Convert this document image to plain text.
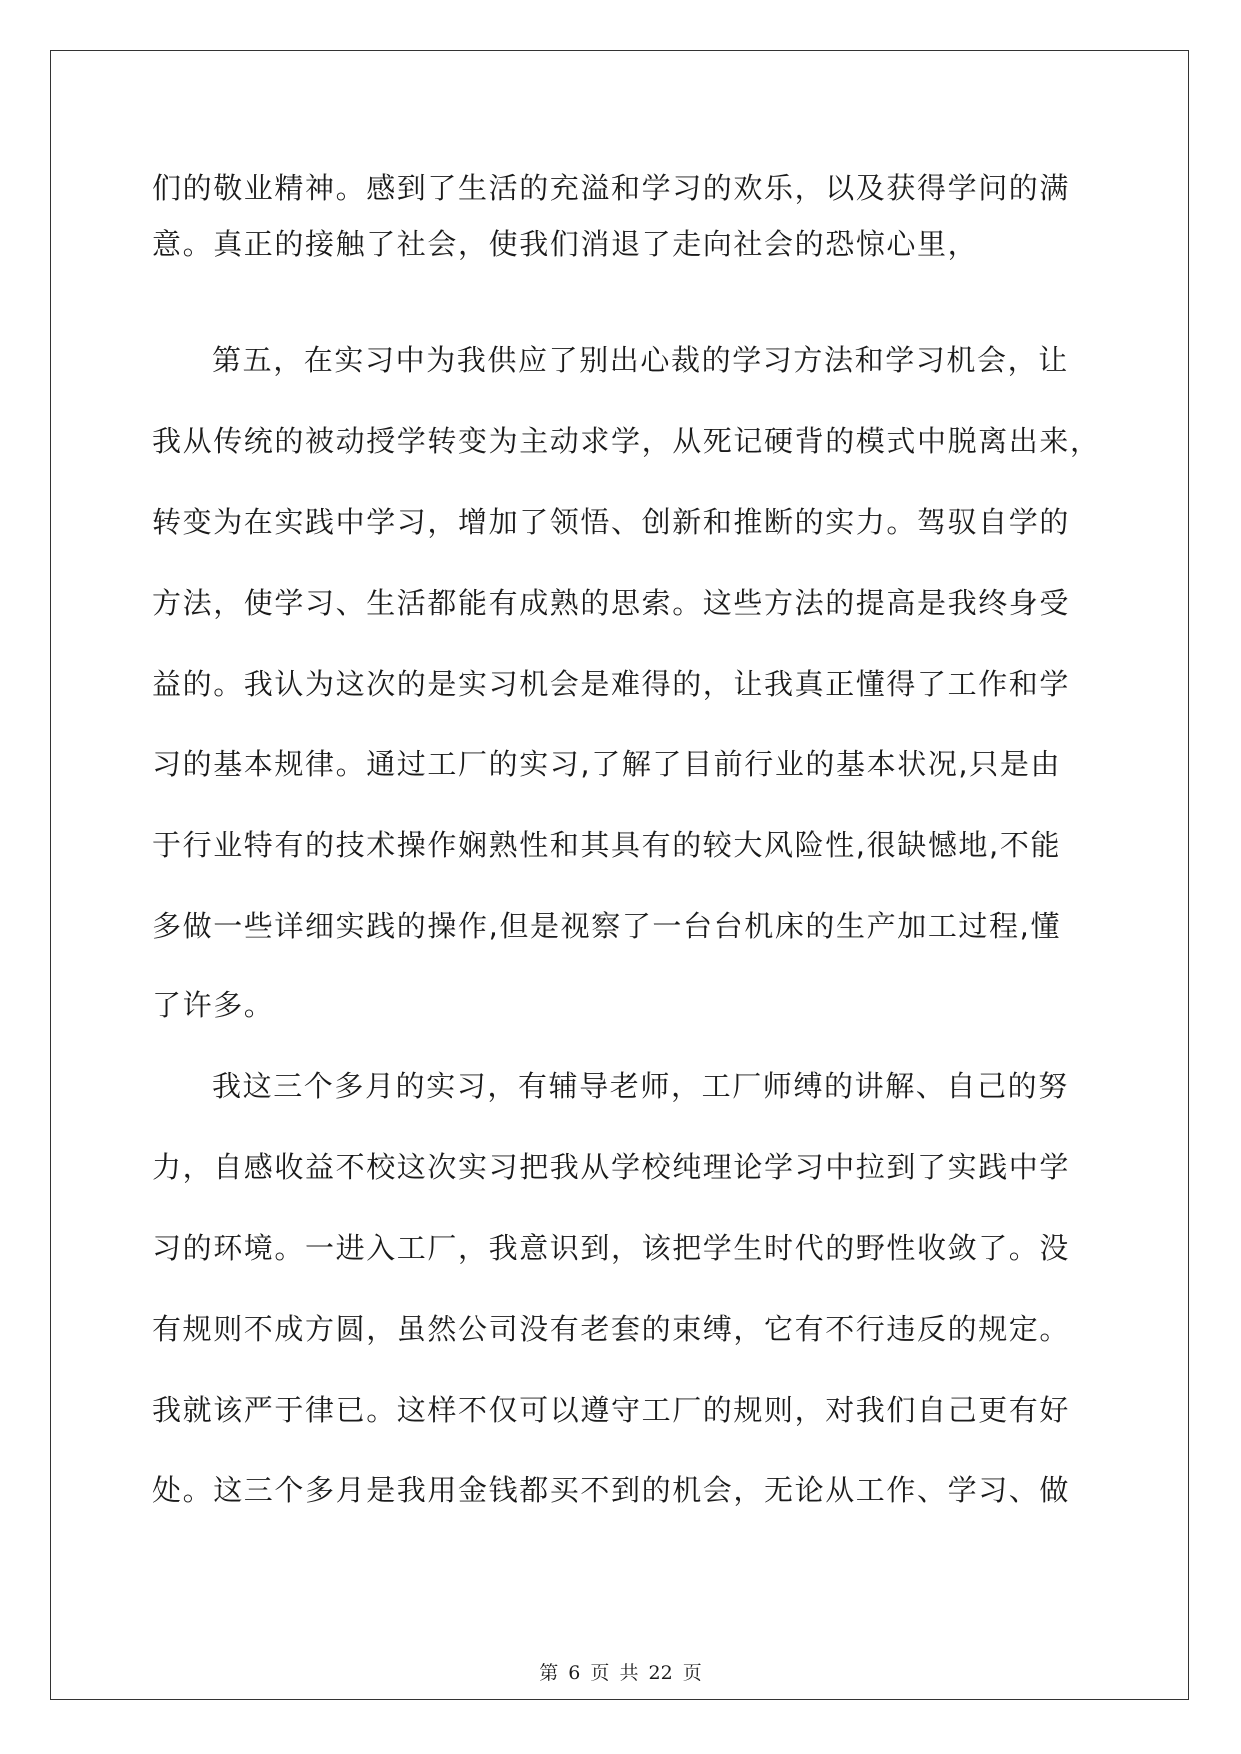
们的敬业精神。感到了生活的充溢和学习的欢乐，以及获得学问的满

意。真正的接触了社会，使我们消退了走向社会的恐惊心里，

第五，在实习中为我供应了别出心裁的学习方法和学习机会，让

我从传统的被动授学转变为主动求学，从死记硬背的模式中脱离出来，

转变为在实践中学习，增加了领悟、创新和推断的实力。驾驭自学的

方法，使学习、生活都能有成熟的思索。这些方法的提高是我终身受

益的。我认为这次的是实习机会是难得的，让我真正懂得了工作和学

习的基本规律。通过工厂的实习,了解了目前行业的基本状况,只是由

于行业特有的技术操作娴熟性和其具有的较大风险性,很缺憾地,不能

多做一些详细实践的操作,但是视察了一台台机床的生产加工过程,懂

了许多。

我这三个多月的实习，有辅导老师，工厂师缚的讲解、自己的努

力，自感收益不校这次实习把我从学校纯理论学习中拉到了实践中学

习的环境。一进入工厂，我意识到，该把学生时代的野性收敛了。没

有规则不成方圆，虽然公司没有老套的束缚，它有不行违反的规定。

我就该严于律已。这样不仅可以遵守工厂的规则，对我们自己更有好

处。这三个多月是我用金钱都买不到的机会，无论从工作、学习、做

第 6 页 共 22 页
